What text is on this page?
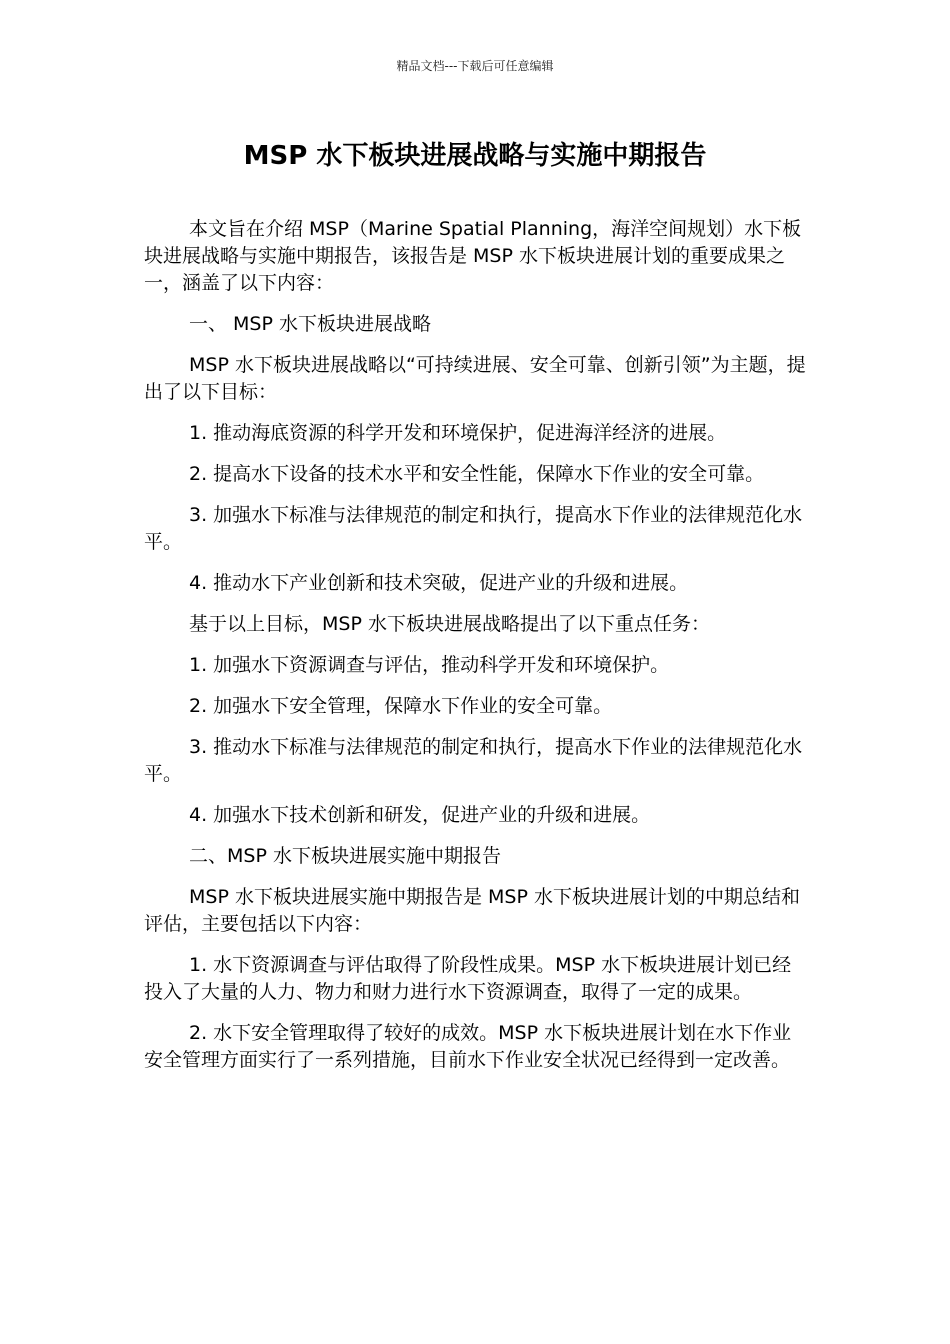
精品文档---下载后可任意编辑
MSP 水下板块进展战略与实施中期报告

本文旨在介绍 MSP（Marine Spatial Planning，海洋空间规划）水下板块进展战略与实施中期报告，该报告是 MSP 水下板块进展计划的重要成果之一，涵盖了以下内容：

一、 MSP 水下板块进展战略

MSP 水下板块进展战略以“可持续进展、安全可靠、创新引领”为主题，提出了以下目标：

1. 推动海底资源的科学开发和环境保护，促进海洋经济的进展。

2. 提高水下设备的技术水平和安全性能，保障水下作业的安全可靠。

3. 加强水下标准与法律规范的制定和执行，提高水下作业的法律规范化水平。

4. 推动水下产业创新和技术突破，促进产业的升级和进展。

基于以上目标，MSP 水下板块进展战略提出了以下重点任务：

1. 加强水下资源调查与评估，推动科学开发和环境保护。

2. 加强水下安全管理，保障水下作业的安全可靠。

3. 推动水下标准与法律规范的制定和执行，提高水下作业的法律规范化水平。

4. 加强水下技术创新和研发，促进产业的升级和进展。

二、MSP 水下板块进展实施中期报告

MSP 水下板块进展实施中期报告是 MSP 水下板块进展计划的中期总结和评估，主要包括以下内容：

1. 水下资源调查与评估取得了阶段性成果。MSP 水下板块进展计划已经投入了大量的人力、物力和财力进行水下资源调查，取得了一定的成果。

2. 水下安全管理取得了较好的成效。MSP 水下板块进展计划在水下作业安全管理方面实行了一系列措施，目前水下作业安全状况已经得到一定改善。
